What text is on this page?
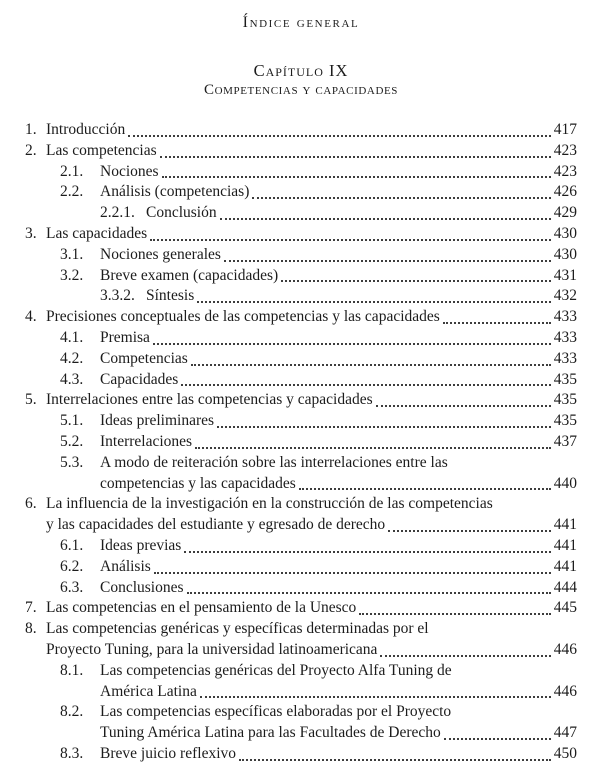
Índice general
Capítulo IX
Competencias y capacidades
1. Introducción	417
2. Las competencias	423
2.1.	Nociones	423
2.2.	Análisis (competencias)	426
2.2.1. Conclusión	429
3. Las capacidades	430
3.1.	Nociones generales	430
3.2.	Breve examen (capacidades)	431
3.3.2. Síntesis	432
4. Precisiones conceptuales de las competencias y las capacidades	433
4.1.	Premisa	433
4.2.	Competencias	433
4.3.	Capacidades	435
5. Interrelaciones entre las competencias y capacidades	435
5.1.	Ideas preliminares	435
5.2.	Interrelaciones	437
5.3.	A modo de reiteración sobre las interrelaciones entre las
competencias y las capacidades	440
6. La influencia de la investigación en la construcción de las competencias
y las capacidades del estudiante y egresado de derecho	441
6.1.	Ideas previas	441
6.2.	Análisis	441
6.3.	Conclusiones	444
7. Las competencias en el pensamiento de la Unesco	445
8. Las competencias genéricas y específicas determinadas por el
Proyecto Tuning, para la universidad latinoamericana	446
8.1.	Las competencias genéricas del Proyecto Alfa Tuning de
América Latina	446
8.2.	Las competencias específicas elaboradas por el Proyecto
Tuning América Latina para las Facultades de Derecho	447
8.3.	Breve juicio reflexivo	450
